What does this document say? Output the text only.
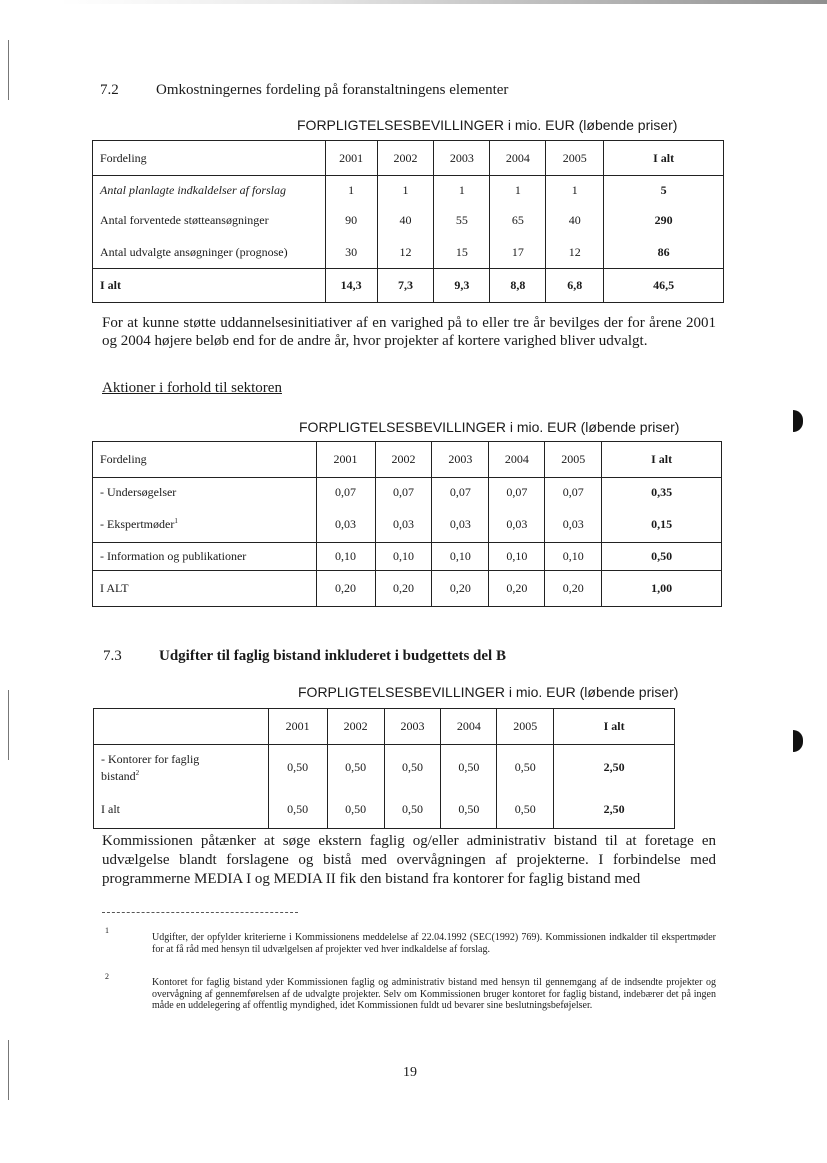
7.2 Omkostningernes fordeling på foranstaltningens elementer
FORPLIGTELSESBEVILLINGER i mio. EUR (løbende priser)
Fordeling	2001	2002	2003	2004	2005	I alt
Antal planlagte indkaldelser af forslag	1	1	1	1	1	5
Antal forventede støtteansøgninger	90	40	55	65	40	290
Antal udvalgte ansøgninger (prognose)	30	12	15	17	12	86
I alt	14,3	7,3	9,3	8,8	6,8	46,5
For at kunne støtte uddannelsesinitiativer af en varighed på to eller tre år bevilges der for årene 2001 og 2004 højere beløb end for de andre år, hvor projekter af kortere varighed bliver udvalgt.
Aktioner i forhold til sektoren
FORPLIGTELSESBEVILLINGER i mio. EUR (løbende priser)
Fordeling	2001	2002	2003	2004	2005	I alt
- Undersøgelser	0,07	0,07	0,07	0,07	0,07	0,35
- Ekspertmøder$^1$	0,03	0,03	0,03	0,03	0,03	0,15
- Information og publikationer	0,10	0,10	0,10	0,10	0,10	0,50
I ALT	0,20	0,20	0,20	0,20	0,20	1,00
7.3 Udgifter til faglig bistand inkluderet i budgettets del B
FORPLIGTELSESBEVILLINGER i mio. EUR (løbende priser)
	2001	2002	2003	2004	2005	I alt
- Kontorer for faglig bistand$^2$	0,50	0,50	0,50	0,50	0,50	2,50
I alt	0,50	0,50	0,50	0,50	0,50	2,50
Kommissionen påtænker at søge ekstern faglig og/eller administrativ bistand til at foretage en udvælgelse blandt forslagene og bistå med overvågningen af projekterne. I forbindelse med programmerne MEDIA I og MEDIA II fik den bistand fra kontorer for faglig bistand med
1
Udgifter, der opfylder kriterierne i Kommissionens meddelelse af 22.04.1992 (SEC(1992) 769). Kommissionen indkalder til ekspertmøder for at få råd med hensyn til udvælgelsen af projekter ved hver indkaldelse af forslag.
2
Kontoret for faglig bistand yder Kommissionen faglig og administrativ bistand med hensyn til gennemgang af de indsendte projekter og overvågning af gennemførelsen af de udvalgte projekter. Selv om Kommissionen bruger kontoret for faglig bistand, indebærer det på ingen måde en uddelegering af offentlig myndighed, idet Kommissionen fuldt ud bevarer sine beslutningsbeføjelser.
19
